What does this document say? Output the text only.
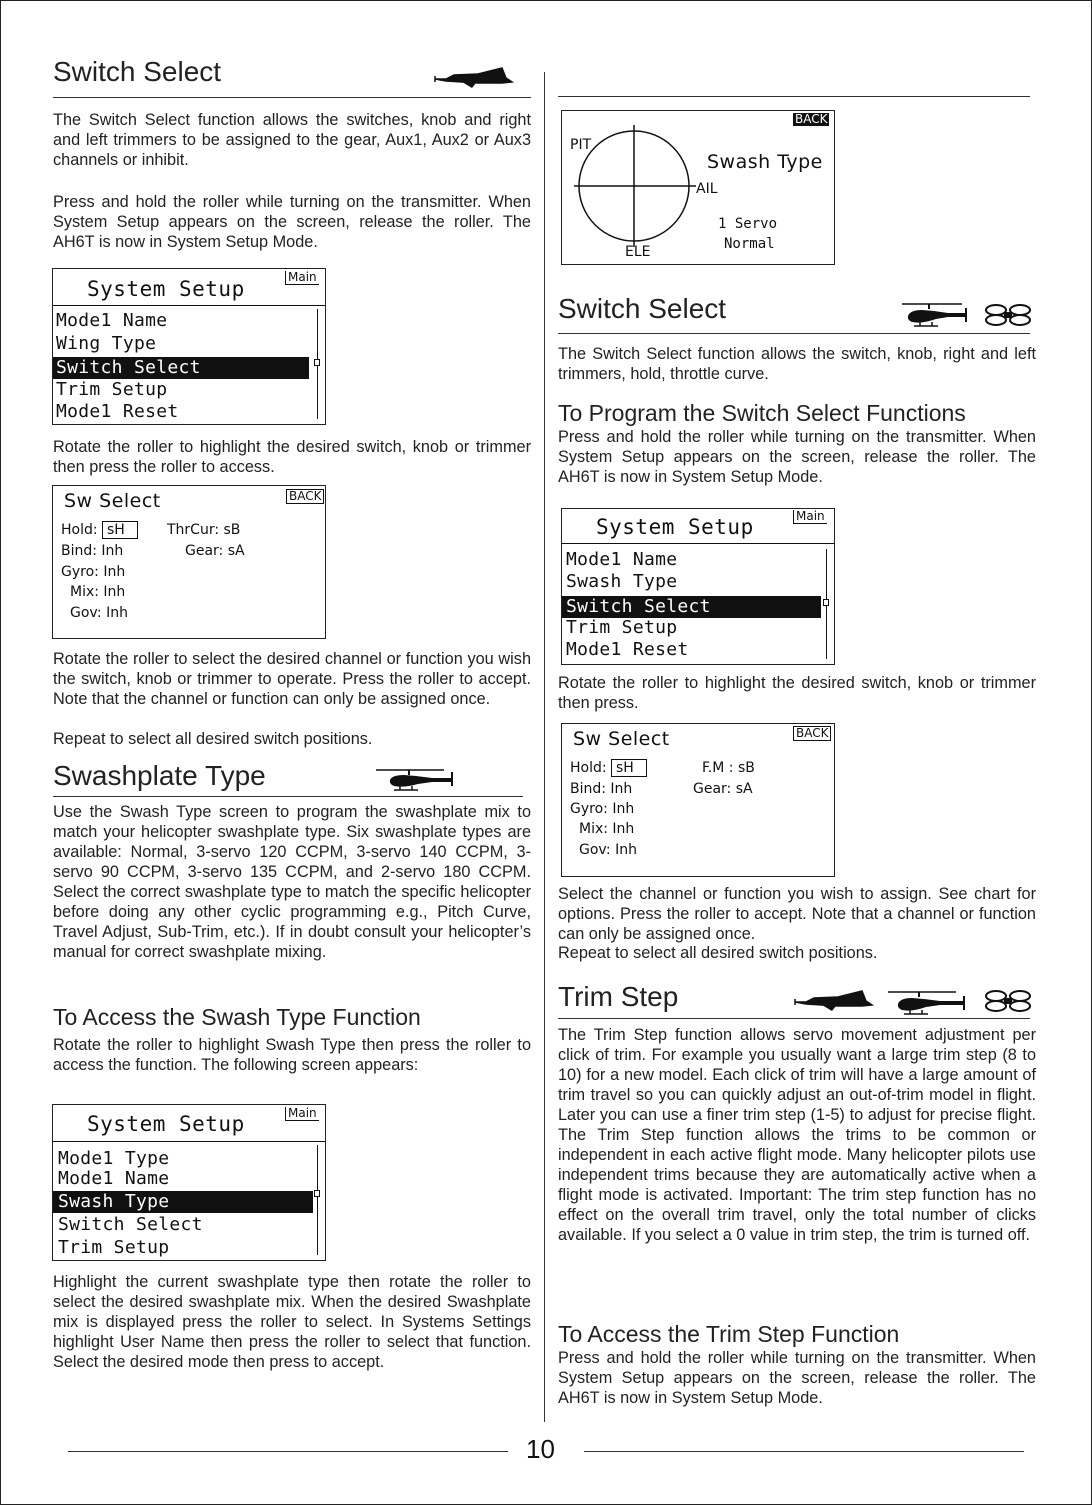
Switch Select

The Switch Select function allows the switches, knob and right and left trimmers to be assigned to the gear, Aux1, Aux2 or Aux3 channels or inhibit.

Press and hold the roller while turning on the transmitter. When System Setup appears on the screen, release the roller. The AH6T is now in System Setup Mode.

System Setup	Main
Mode1 Name
Wing Type
Switch Select
Trim Setup
Mode1 Reset

Rotate the roller to highlight the desired switch, knob or trimmer then press the roller to access.

Sw Select	BACK
Hold: sH	ThrCur: sB
Bind: Inh	Gear: sA
Gyro: Inh
Mix: Inh
Gov: Inh

Rotate the roller to select the desired channel or function you wish the switch, knob or trimmer to operate. Press the roller to accept. Note that the channel or function can only be assigned once.

Repeat to select all desired switch positions.

Swashplate Type

Use the Swash Type screen to program the swashplate mix to match your helicopter swashplate type. Six swashplate types are available: Normal, 3-servo 120 CCPM, 3-servo 140 CCPM, 3-servo 90 CCPM, 3-servo 135 CCPM, and 2-servo 180 CCPM. Select the correct swashplate type to match the specific helicopter before doing any other cyclic programming e.g., Pitch Curve, Travel Adjust, Sub-Trim, etc.). If in doubt consult your helicopter’s manual for correct swashplate mixing.

To Access the Swash Type Function

Rotate the roller to highlight Swash Type then press the roller to access the function. The following screen appears:

System Setup	Main
Mode1 Type
Mode1 Name
Swash Type
Switch Select
Trim Setup

Highlight the current swashplate type then rotate the roller to select the desired swashplate mix. When the desired Swashplate mix is displayed press the roller to select. In Systems Settings highlight User Name then press the roller to select that function. Select the desired mode then press to accept.

BACK
PIT
AIL
ELE
Swash Type
1 Servo
Normal
Switch Select

The Switch Select function allows the switch, knob, right and left trimmers, hold, throttle curve.

To Program the Switch Select Functions

Press and hold the roller while turning on the transmitter. When System Setup appears on the screen, release the roller. The AH6T is now in System Setup Mode.

System Setup	Main
Mode1 Name
Swash Type
Switch Select
Trim Setup
Mode1 Reset

Rotate the roller to highlight the desired switch, knob or trimmer then press.

Sw Select	BACK
Hold: sH	F.M : sB
Bind: Inh	Gear: sA
Gyro: Inh
Mix: Inh
Gov: Inh

Select the channel or function you wish to assign. See chart for options. Press the roller to accept. Note that a channel or function can only be assigned once.

Repeat to select all desired switch positions.

Trim Step

The Trim Step function allows servo movement adjustment per click of trim. For example you usually want a large trim step (8 to 10) for a new model. Each click of trim will have a large amount of trim travel so you can quickly adjust an out-of-trim model in flight. Later you can use a finer trim step (1-5) to adjust for precise flight. The Trim Step function allows the trims to be common or independent in each active flight mode. Many helicopter pilots use independent trims because they are automatically active when a flight mode is activated. Important: The trim step function has no effect on the overall trim travel, only the total number of clicks available. If you select a 0 value in trim step, the trim is turned off.

To Access the Trim Step Function

Press and hold the roller while turning on the transmitter. When System Setup appears on the screen, release the roller. The AH6T is now in System Setup Mode.

10
